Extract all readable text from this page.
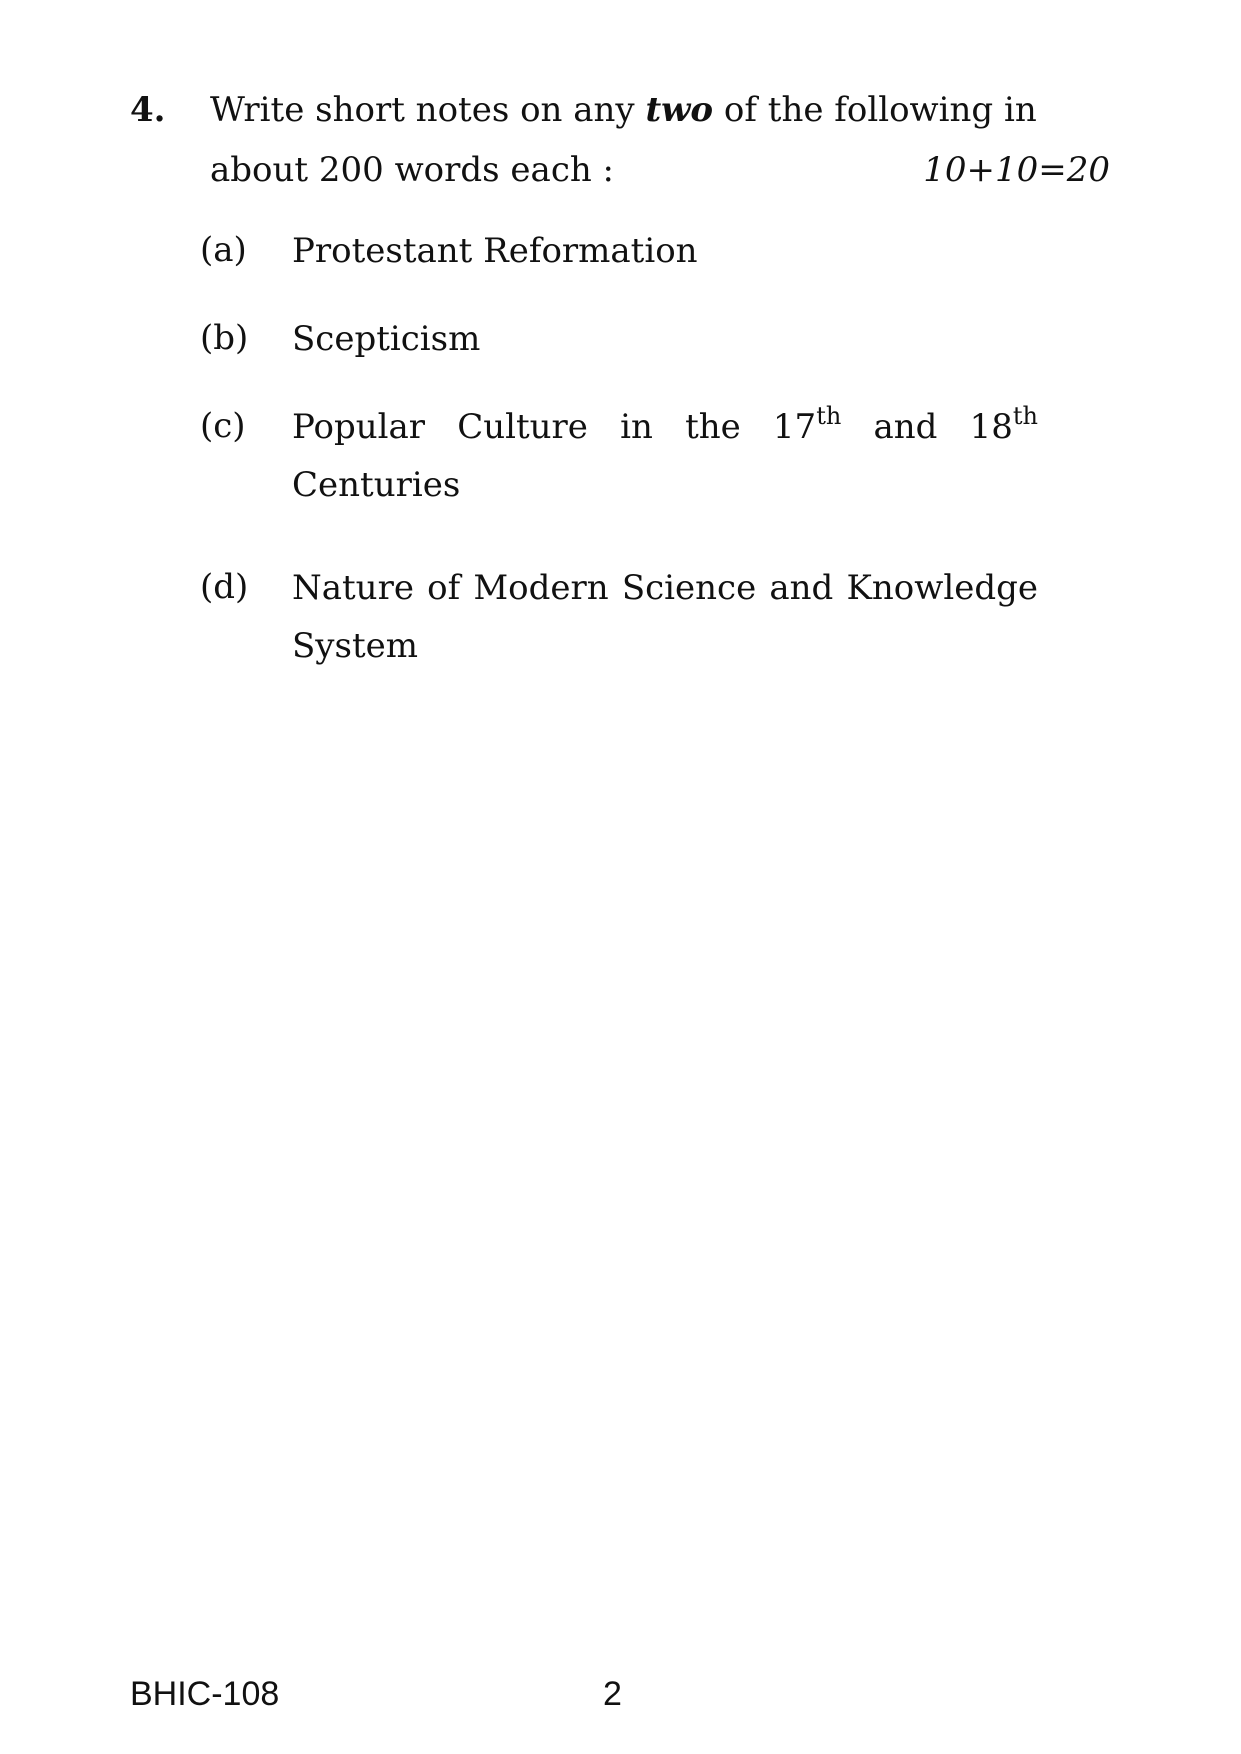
4. Write short notes on any two of the following in
about 200 words each :	10+10=20
(a) Protestant Reformation
(b) Scepticism
(c) Popular Culture in the 17th and 18th
Centuries
(d) Nature of Modern Science and Knowledge
System
BHIC-108	2
